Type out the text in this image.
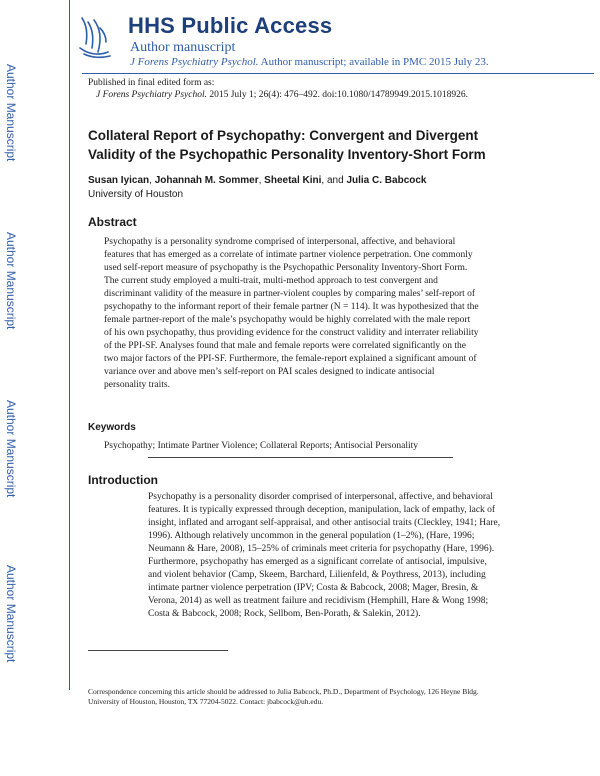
Author Manuscript
Author Manuscript
Author Manuscript
Author Manuscript
HHS Public Access
Author manuscript
J Forens Psychiatry Psychol. Author manuscript; available in PMC 2015 July 23.
Published in final edited form as:
J Forens Psychiatry Psychol. 2015 July 1; 26(4): 476–492. doi:10.1080/14789949.2015.1018926.
Collateral Report of Psychopathy: Convergent and Divergent
Validity of the Psychopathic Personality Inventory-Short Form
Susan Iyican, Johannah M. Sommer, Sheetal Kini, and Julia C. Babcock
University of Houston
Abstract
Psychopathy is a personality syndrome comprised of interpersonal, affective, and behavioral
features that has emerged as a correlate of intimate partner violence perpetration. One commonly
used self-report measure of psychopathy is the Psychopathic Personality Inventory-Short Form.
The current study employed a multi-trait, multi-method approach to test convergent and
discriminant validity of the measure in partner-violent couples by comparing males’ self-report of
psychopathy to the informant report of their female partner (N = 114). It was hypothesized that the
female partner-report of the male’s psychopathy would be highly correlated with the male report
of his own psychopathy, thus providing evidence for the construct validity and interrater reliability
of the PPI-SF. Analyses found that male and female reports were correlated significantly on the
two major factors of the PPI-SF. Furthermore, the female-report explained a significant amount of
variance over and above men’s self-report on PAI scales designed to indicate antisocial
personality traits.
Keywords
Psychopathy; Intimate Partner Violence; Collateral Reports; Antisocial Personality
Introduction
Psychopathy is a personality disorder comprised of interpersonal, affective, and behavioral
features. It is typically expressed through deception, manipulation, lack of empathy, lack of
insight, inflated and arrogant self-appraisal, and other antisocial traits (Cleckley, 1941; Hare,
1996). Although relatively uncommon in the general population (1–2%), (Hare, 1996;
Neumann & Hare, 2008), 15–25% of criminals meet criteria for psychopathy (Hare, 1996).
Furthermore, psychopathy has emerged as a significant correlate of antisocial, impulsive,
and violent behavior (Camp, Skeem, Barchard, Lilienfeld, & Poythress, 2013), including
intimate partner violence perpetration (IPV; Costa & Babcock, 2008; Mager, Bresin, &
Verona, 2014) as well as treatment failure and recidivism (Hemphill, Hare & Wong 1998;
Costa & Babcock, 2008; Rock, Sellbom, Ben-Porath, & Salekin, 2012).
Correspondence concerning this article should be addressed to Julia Babcock, Ph.D., Department of Psychology, 126 Heyne Bldg.
University of Houston, Houston, TX 77204-5022. Contact: jbabcock@uh.edu.
